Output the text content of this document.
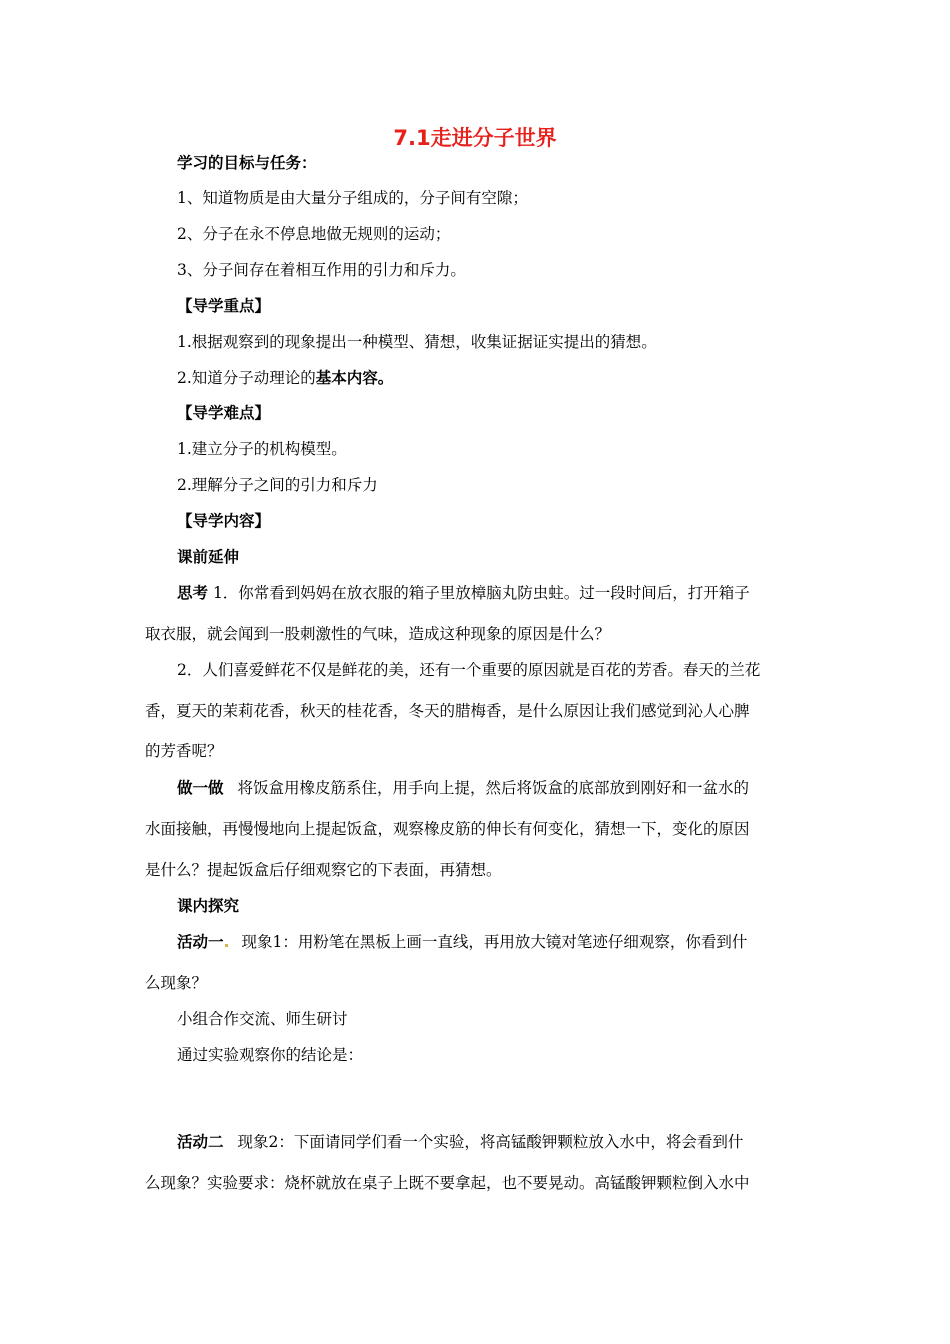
7.1走进分子世界
学习的目标与任务：
1、知道物质是由大量分子组成的，分子间有空隙；
2、分子在永不停息地做无规则的运动；
3、分子间存在着相互作用的引力和斥力。
【导学重点】
1.根据观察到的现象提出一种模型、猜想，收集证据证实提出的猜想。
2.知道分子动理论的基本内容。
【导学难点】
1.建立分子的机构模型。
2.理解分子之间的引力和斥力
【导学内容】
课前延伸
思考 1．你常看到妈妈在放衣服的箱子里放樟脑丸防虫蛀。过一段时间后，打开箱子
取衣服，就会闻到一股刺激性的气味，造成这种现象的原因是什么？
2．人们喜爱鲜花不仅是鲜花的美，还有一个重要的原因就是百花的芳香。春天的兰花
香，夏天的茉莉花香，秋天的桂花香，冬天的腊梅香，是什么原因让我们感觉到沁人心脾
的芳香呢？
做一做 将饭盒用橡皮筋系住，用手向上提，然后将饭盒的底部放到刚好和一盆水的
水面接触，再慢慢地向上提起饭盒，观察橡皮筋的伸长有何变化，猜想一下，变化的原因
是什么？提起饭盒后仔细观察它的下表面，再猜想。
课内探究
活动一 现象1：用粉笔在黑板上画一直线，再用放大镜对笔迹仔细观察，你看到什
么现象？
小组合作交流、师生研讨
通过实验观察你的结论是：
活动二 现象2：下面请同学们看一个实验，将高锰酸钾颗粒放入水中，将会看到什
么现象？实验要求：烧杯就放在桌子上既不要拿起，也不要晃动。高锰酸钾颗粒倒入水中
